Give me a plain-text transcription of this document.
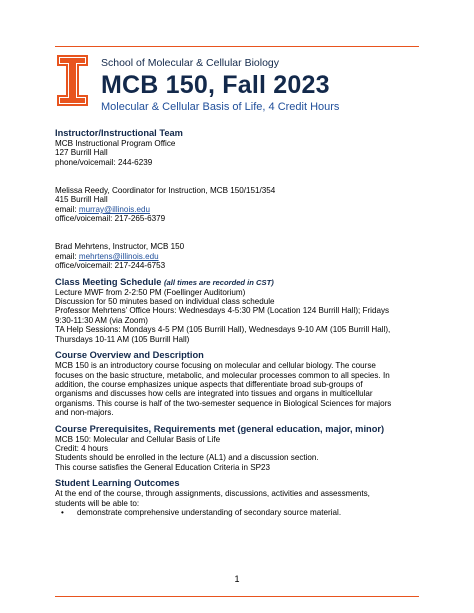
School of Molecular & Cellular Biology
MCB 150, Fall 2023
Molecular & Cellular Basis of Life, 4 Credit Hours
Instructor/Instructional Team
MCB Instructional Program Office
127 Burrill Hall
phone/voicemail: 244-6239
Melissa Reedy, Coordinator for Instruction, MCB 150/151/354
415 Burrill Hall
email: murray@illinois.edu
office/voicemail: 217-265-6379
Brad Mehrtens, Instructor, MCB 150
email: mehrtens@illinois.edu
office/voicemail: 217-244-6753
Class Meeting Schedule (all times are recorded in CST)
Lecture MWF from 2-2:50 PM (Foellinger Auditorium)
Discussion for 50 minutes based on individual class schedule
Professor Mehrtens’ Office Hours: Wednesdays 4-5:30 PM (Location 124 Burrill Hall); Fridays
9:30-11:30 AM (via Zoom)
TA Help Sessions: Mondays 4-5 PM (105 Burrill Hall), Wednesdays 9-10 AM (105 Burrill Hall),
Thursdays 10-11 AM (105 Burrill Hall)
Course Overview and Description
MCB 150 is an introductory course focusing on molecular and cellular biology. The course
focuses on the basic structure, metabolic, and molecular processes common to all species. In
addition, the course emphasizes unique aspects that differentiate broad sub-groups of
organisms and discusses how cells are integrated into tissues and organs in multicellular
organisms. This course is half of the two-semester sequence in Biological Sciences for majors
and non-majors.
Course Prerequisites, Requirements met (general education, major, minor)
MCB 150: Molecular and Cellular Basis of Life
Credit: 4 hours
Students should be enrolled in the lecture (AL1) and a discussion section.
This course satisfies the General Education Criteria in SP23
Student Learning Outcomes
At the end of the course, through assignments, discussions, activities and assessments,
students will be able to:
•	demonstrate comprehensive understanding of secondary source material.
1
